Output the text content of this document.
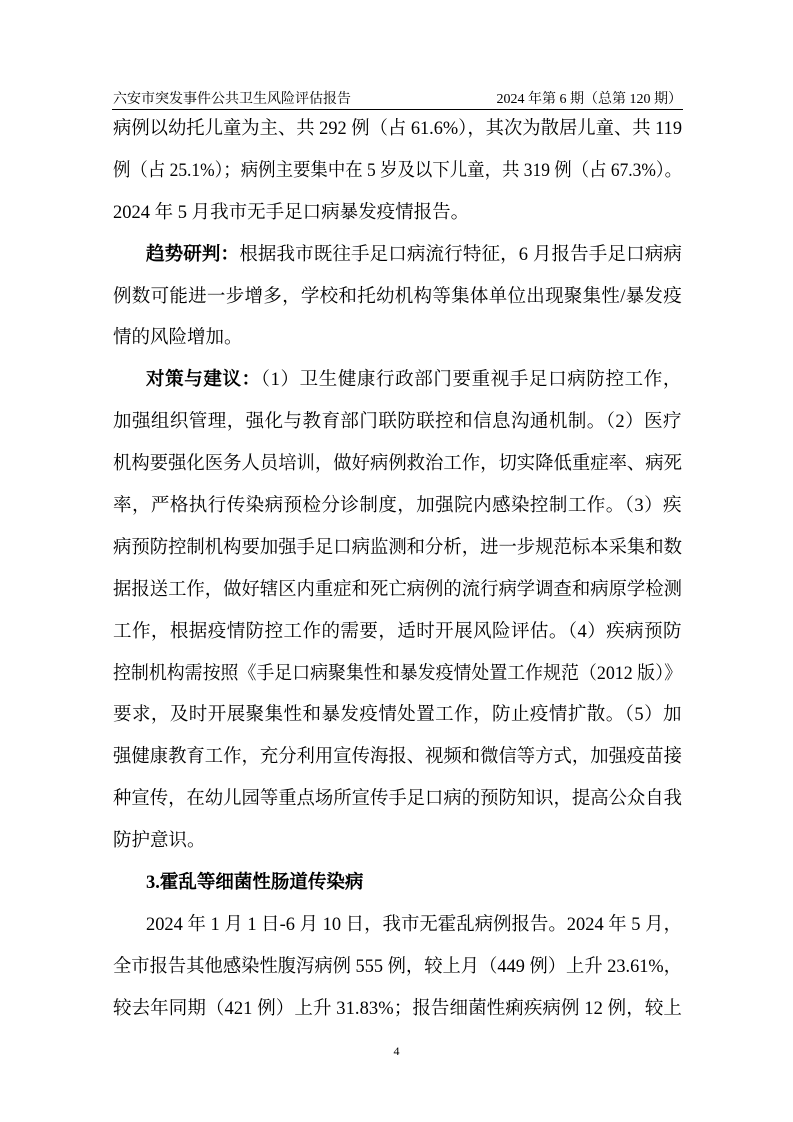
六安市突发事件公共卫生风险评估报告	2024 年第 6 期（总第 120 期）
病例以幼托儿童为主、共 292 例（占 61.6%），其次为散居儿童、共 119
例（占 25.1%）；病例主要集中在 5 岁及以下儿童，共 319 例（占 67.3%）。
2024 年 5 月我市无手足口病暴发疫情报告。
趋势研判：根据我市既往手足口病流行特征，6 月报告手足口病病
例数可能进一步增多，学校和托幼机构等集体单位出现聚集性/暴发疫
情的风险增加。
对策与建议：（1）卫生健康行政部门要重视手足口病防控工作，
加强组织管理，强化与教育部门联防联控和信息沟通机制。（2）医疗
机构要强化医务人员培训，做好病例救治工作，切实降低重症率、病死
率，严格执行传染病预检分诊制度，加强院内感染控制工作。（3）疾
病预防控制机构要加强手足口病监测和分析，进一步规范标本采集和数
据报送工作，做好辖区内重症和死亡病例的流行病学调查和病原学检测
工作，根据疫情防控工作的需要，适时开展风险评估。（4）疾病预防
控制机构需按照《手足口病聚集性和暴发疫情处置工作规范（2012 版）》
要求，及时开展聚集性和暴发疫情处置工作，防止疫情扩散。（5）加
强健康教育工作，充分利用宣传海报、视频和微信等方式，加强疫苗接
种宣传，在幼儿园等重点场所宣传手足口病的预防知识，提高公众自我
防护意识。
3.霍乱等细菌性肠道传染病
2024 年 1 月 1 日-6 月 10 日，我市无霍乱病例报告。2024 年 5 月，
全市报告其他感染性腹泻病例 555 例，较上月（449 例）上升 23.61%，
较去年同期（421 例）上升 31.83%；报告细菌性痢疾病例 12 例，较上
4
